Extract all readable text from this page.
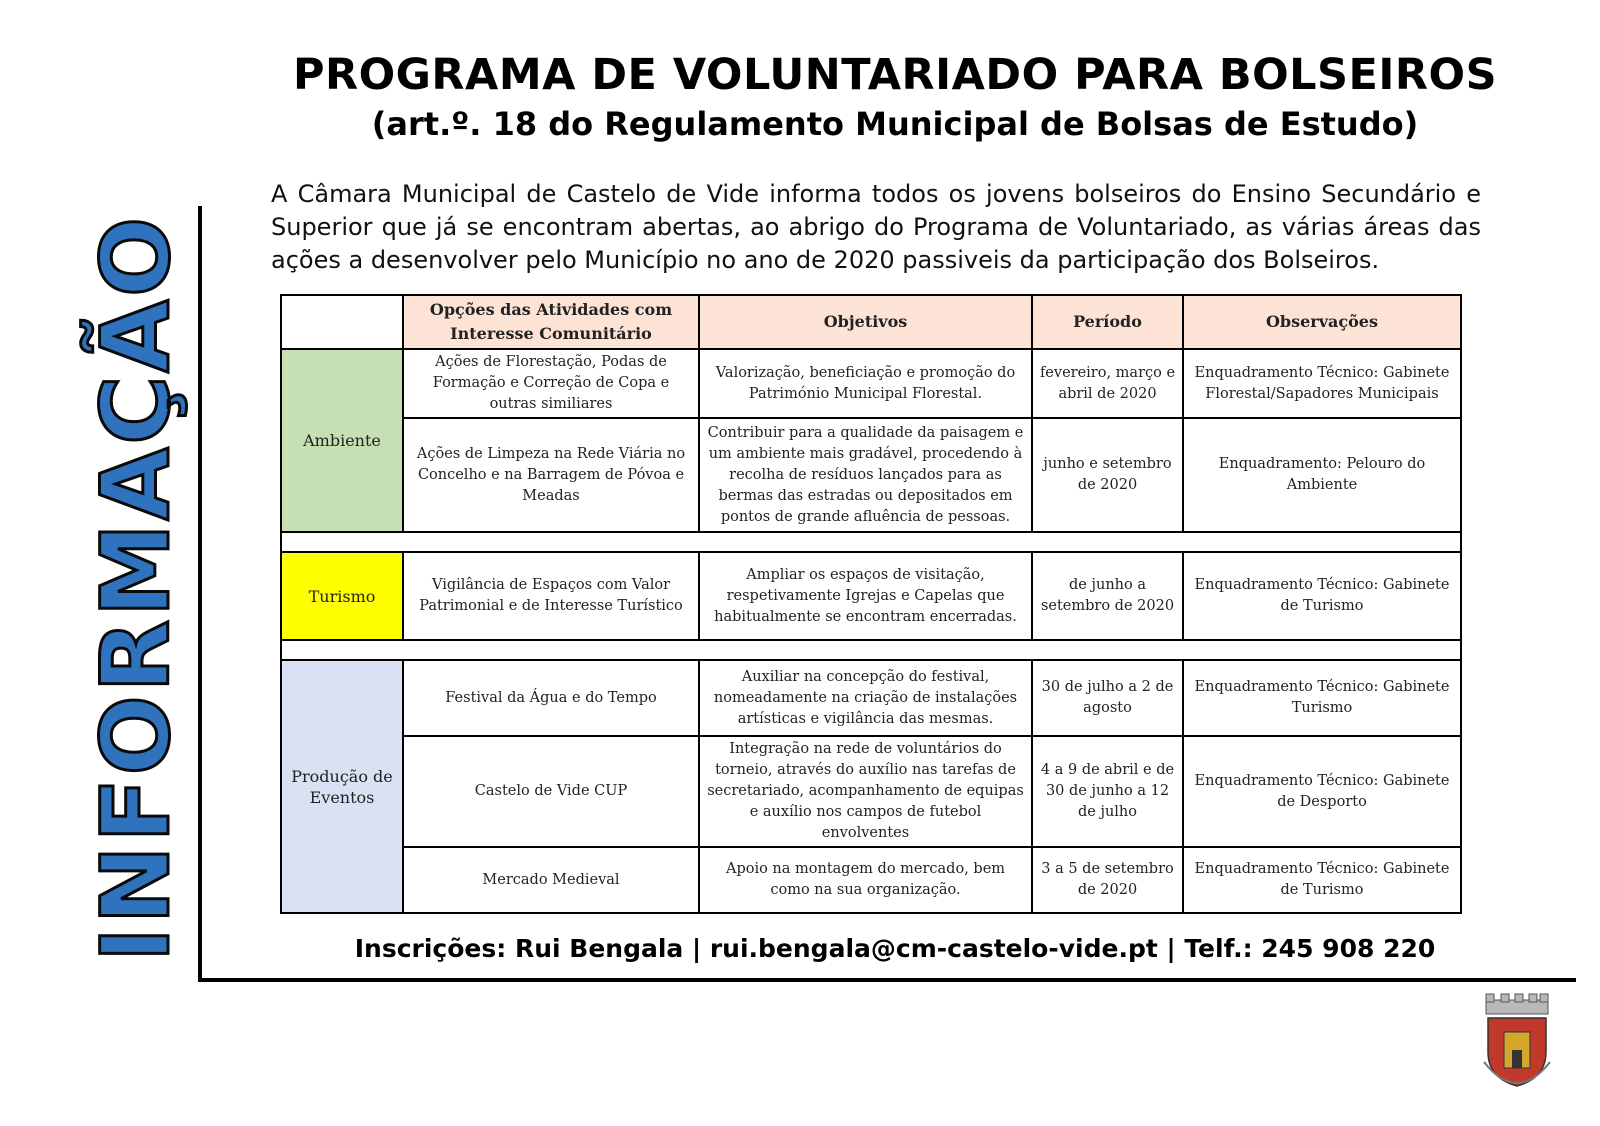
INFORMAÇÃO
PROGRAMA DE VOLUNTARIADO PARA BOLSEIROS
(art.º. 18 do Regulamento Municipal de Bolsas de Estudo)
A Câmara Municipal de Castelo de Vide informa todos os jovens bolseiros do Ensino Secundário e Superior que já se encontram abertas, ao abrigo do Programa de Voluntariado, as várias áreas das ações a desenvolver pelo Município no ano de 2020 passiveis da participação dos Bolseiros.
	Opções das Atividades com Interesse Comunitário	Objetivos	Período	Observações
Ambiente	Ações de Florestação, Podas de Formação e Correção de Copa e outras similiares	Valorização, beneficiação e promoção do Património Municipal Florestal.	fevereiro, março e abril de 2020	Enquadramento Técnico: Gabinete Florestal/Sapadores Municipais
	Ações de Limpeza na Rede Viária no Concelho e na Barragem de Póvoa e Meadas	Contribuir para a qualidade da paisagem e um ambiente mais gradável, procedendo à recolha de resíduos lançados para as bermas das estradas ou depositados em pontos de grande afluência de pessoas.	junho e setembro de 2020	Enquadramento: Pelouro do Ambiente

Turismo	Vigilância de Espaços com Valor Patrimonial e de Interesse Turístico	Ampliar os espaços de visitação, respetivamente Igrejas e Capelas que habitualmente se encontram encerradas.	de junho a setembro de 2020	Enquadramento Técnico: Gabinete de Turismo

Produção de Eventos	Festival da Água e do Tempo	Auxiliar na concepção do festival, nomeadamente na criação de instalações artísticas e vigilância das mesmas.	30 de julho a 2 de agosto	Enquadramento Técnico: Gabinete Turismo
	Castelo de Vide CUP	Integração na rede de voluntários do torneio, através do auxílio nas tarefas de secretariado, acompanhamento de equipas e auxílio nos campos de futebol envolventes	4 a 9 de abril e de 30 de junho a 12 de julho	Enquadramento Técnico: Gabinete de Desporto
	Mercado Medieval	Apoio na montagem do mercado, bem como na sua organização.	3 a 5 de setembro de 2020	Enquadramento Técnico: Gabinete de Turismo
Inscrições: Rui Bengala | rui.bengala@cm-castelo-vide.pt | Telf.: 245 908 220
